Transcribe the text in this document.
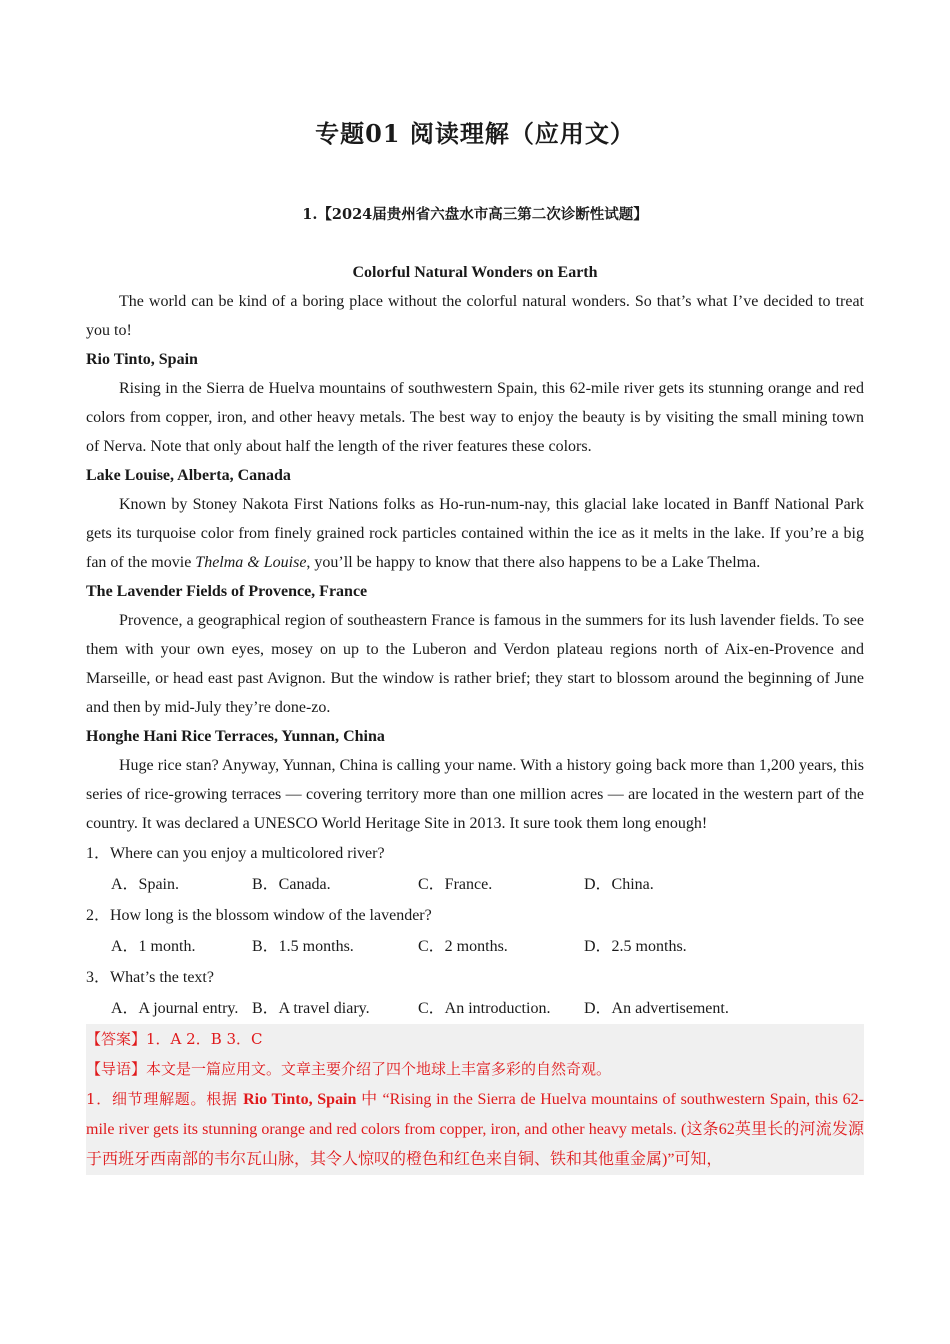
专题01 阅读理解（应用文）
1.【2024届贵州省六盘水市高三第二次诊断性试题】
Colorful Natural Wonders on Earth

The world can be kind of a boring place without the colorful natural wonders. So that’s what I’ve decided to treat you to!

Rio Tinto, Spain

Rising in the Sierra de Huelva mountains of southwestern Spain, this 62-mile river gets its stunning orange and red colors from copper, iron, and other heavy metals. The best way to enjoy the beauty is by visiting the small mining town of Nerva. Note that only about half the length of the river features these colors.

Lake Louise, Alberta, Canada

Known by Stoney Nakota First Nations folks as Ho-run-num-nay, this glacial lake located in Banff National Park gets its turquoise color from finely grained rock particles contained within the ice as it melts in the lake. If you’re a big fan of the movie Thelma & Louise, you’ll be happy to know that there also happens to be a Lake Thelma.

The Lavender Fields of Provence, France

Provence, a geographical region of southeastern France is famous in the summers for its lush lavender fields. To see them with your own eyes, mosey on up to the Luberon and Verdon plateau regions north of Aix-en-Provence and Marseille, or head east past Avignon. But the window is rather brief; they start to blossom around the beginning of June and then by mid-July they’re done-zo.

Honghe Hani Rice Terraces, Yunnan, China

Huge rice stan? Anyway, Yunnan, China is calling your name. With a history going back more than 1,200 years, this series of rice-growing terraces — covering territory more than one million acres — are located in the western part of the country. It was declared a UNESCO World Heritage Site in 2013. It sure took them long enough!

1．Where can you enjoy a multicolored river?

A．Spain.	B．Canada.	C．France.	D．China.

2．How long is the blossom window of the lavender?

A．1 month.	B．1.5 months.	C．2 months.	D．2.5 months.

3．What’s the text?

A．A journal entry. B．A travel diary.	C．An introduction.	D．An advertisement.

【答案】1．A 2．B 3．C

【导语】本文是一篇应用文。文章主要介绍了四个地球上丰富多彩的自然奇观。

1．细节理解题。根据 Rio Tinto, Spain 中 “Rising in the Sierra de Huelva mountains of southwestern Spain, this 62-mile river gets its stunning orange and red colors from copper, iron, and other heavy metals. (这条62英里长的河流发源于西班牙西南部的韦尔瓦山脉，其令人惊叹的橙色和红色来自铜、铁和其他重金属)”可知，
